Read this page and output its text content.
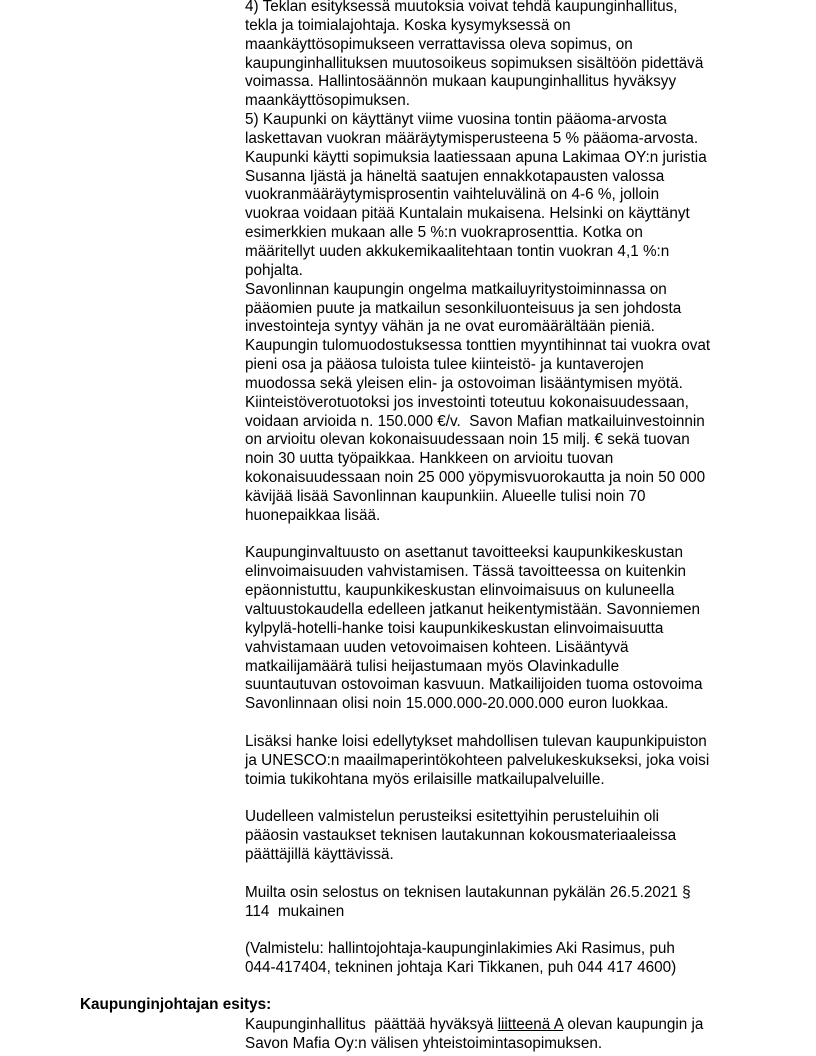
4) Teklan esityksessä muutoksia voivat tehdä kaupunginhallitus,
tekla ja toimialajohtaja. Koska kysymyksessä on
maankäyttösopimukseen verrattavissa oleva sopimus, on
kaupunginhallituksen muutosoikeus sopimuksen sisältöön pidettävä
voimassa. Hallintosäännön mukaan kaupunginhallitus hyväksyy
maankäyttösopimuksen.
5) Kaupunki on käyttänyt viime vuosina tontin pääoma-arvosta
laskettavan vuokran määräytymisperusteena 5 % pääoma-arvosta.
Kaupunki käytti sopimuksia laatiessaan apuna Lakimaa OY:n juristia
Susanna Ijästä ja häneltä saatujen ennakkotapausten valossa
vuokranmääräytymisprosentin vaihteluvälinä on 4-6 %, jolloin
vuokraa voidaan pitää Kuntalain mukaisena. Helsinki on käyttänyt
esimerkkien mukaan alle 5 %:n vuokraprosenttia. Kotka on
määritellyt uuden akkukemikaalitehtaan tontin vuokran 4,1 %:n
pohjalta.
Savonlinnan kaupungin ongelma matkailuyritystoiminnassa on
pääomien puute ja matkailun sesonkiluonteisuus ja sen johdosta
investointeja syntyy vähän ja ne ovat euromäärältään pieniä.
Kaupungin tulomuodostuksessa tonttien myyntihinnat tai vuokra ovat
pieni osa ja pääosa tuloista tulee kiinteistö- ja kuntaverojen
muodossa sekä yleisen elin- ja ostovoiman lisääntymisen myötä.
Kiinteistöverotuotoksi jos investointi toteutuu kokonaisuudessaan,
voidaan arvioida n. 150.000 €/v.  Savon Mafian matkailuinvestoinnin
on arvioitu olevan kokonaisuudessaan noin 15 milj. € sekä tuovan
noin 30 uutta työpaikkaa. Hankkeen on arvioitu tuovan
kokonaisuudessaan noin 25 000 yöpymisvuorokautta ja noin 50 000
kävijää lisää Savonlinnan kaupunkiin. Alueelle tulisi noin 70
huonepaikkaa lisää.
Kaupunginvaltuusto on asettanut tavoitteeksi kaupunkikeskustan
elinvoimaisuuden vahvistamisen. Tässä tavoitteessa on kuitenkin
epäonnistuttu, kaupunkikeskustan elinvoimaisuus on kuluneella
valtuustokaudella edelleen jatkanut heikentymistään. Savonniemen
kylpylä-hotelli-hanke toisi kaupunkikeskustan elinvoimaisuutta
vahvistamaan uuden vetovoimaisen kohteen. Lisääntyvä
matkailijamäärä tulisi heijastumaan myös Olavinkadulle
suuntautuvan ostovoiman kasvuun. Matkailijoiden tuoma ostovoima
Savonlinnaan olisi noin 15.000.000-20.000.000 euron luokkaa.
Lisäksi hanke loisi edellytykset mahdollisen tulevan kaupunkipuiston
ja UNESCO:n maailmaperintökohteen palvelukeskukseksi, joka voisi
toimia tukikohtana myös erilaisille matkailupalveluille.
Uudelleen valmistelun perusteiksi esitettyihin perusteluihin oli
pääosin vastaukset teknisen lautakunnan kokousmateriaaleissa
päättäjillä käyttävissä.
Muilta osin selostus on teknisen lautakunnan pykälän 26.5.2021 §
114  mukainen
(Valmistelu: hallintojohtaja-kaupunginlakimies Aki Rasimus, puh
044-417404, tekninen johtaja Kari Tikkanen, puh 044 417 4600)
Kaupunginjohtajan esitys:
Kaupunginhallitus  päättää hyväksyä liitteenä A olevan kaupungin ja
Savon Mafia Oy:n välisen yhteistoimintasopimuksen.
